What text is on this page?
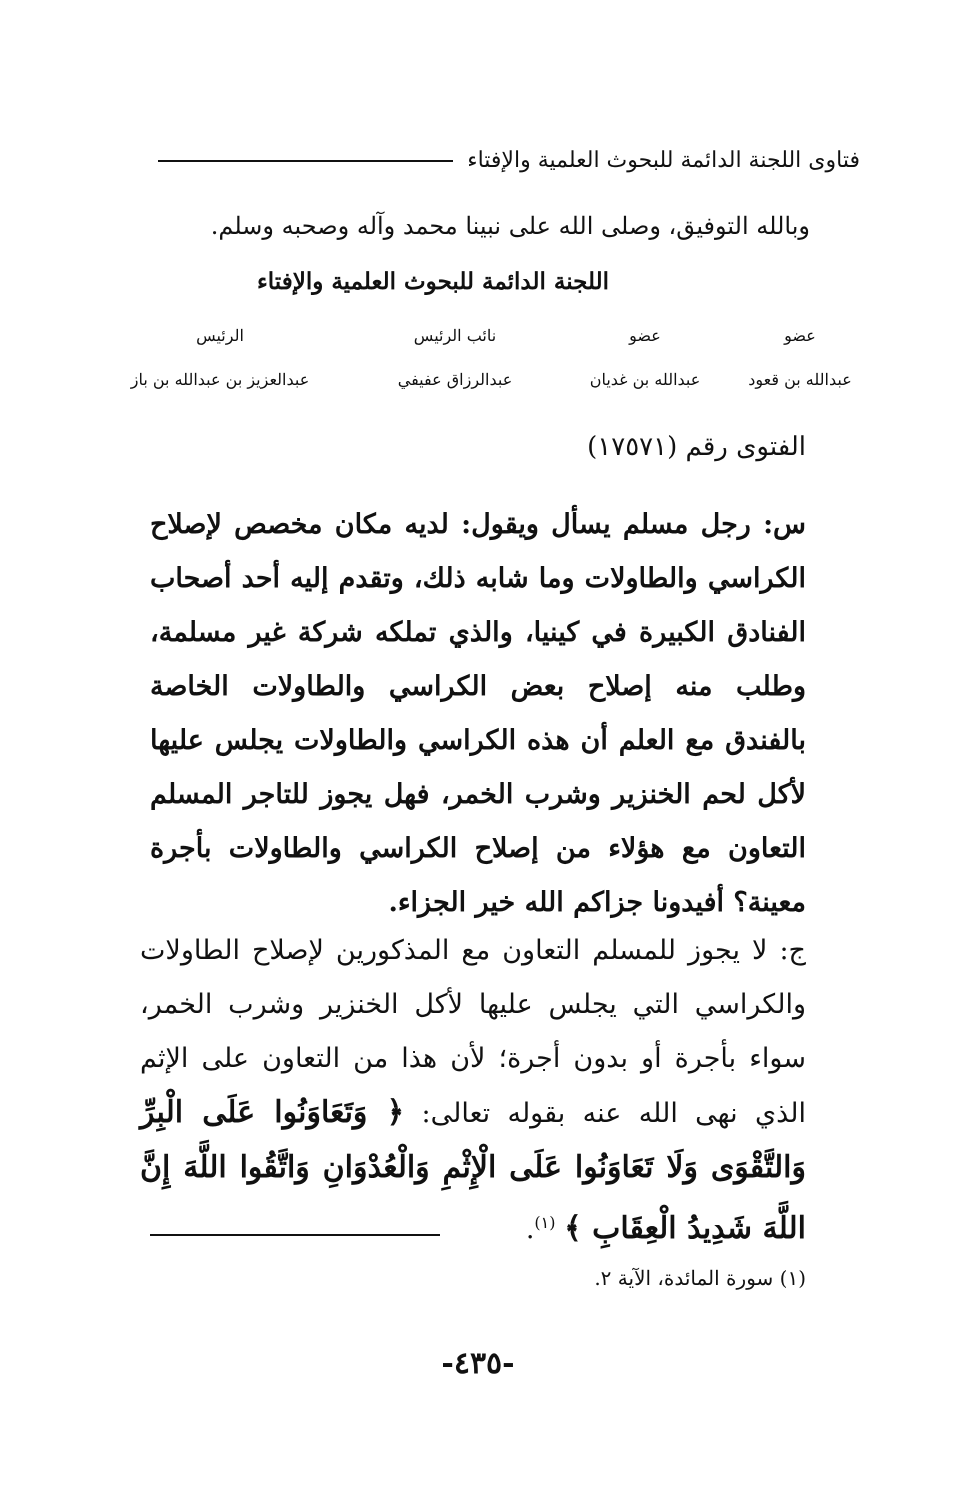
فتاوى اللجنة الدائمة للبحوث العلمية والإفتاء
وبالله التوفيق، وصلى الله على نبينا محمد وآله وصحبه وسلم.
اللجنة الدائمة للبحوث العلمية والإفتاء
عضو
عضو
نائب الرئيس
الرئيس
عبدالله بن قعود
عبدالله بن غديان
عبدالرزاق عفيفي
عبدالعزيز بن عبدالله بن باز
الفتوى رقم (١٧٥٧١)
س: رجل مسلم يسأل ويقول: لديه مكان مخصص لإصلاح الكراسي والطاولات وما شابه ذلك، وتقدم إليه أحد أصحاب الفنادق الكبيرة في كينيا، والذي تملكه شركة غير مسلمة، وطلب منه إصلاح بعض الكراسي والطاولات الخاصة بالفندق مع العلم أن هذه الكراسي والطاولات يجلس عليها لأكل لحم الخنزير وشرب الخمر، فهل يجوز للتاجر المسلم التعاون مع هؤلاء من إصلاح الكراسي والطاولات بأجرة معينة؟ أفيدونا جزاكم الله خير الجزاء.
ج: لا يجوز للمسلم التعاون مع المذكورين لإصلاح الطاولات والكراسي التي يجلس عليها لأكل الخنزير وشرب الخمر، سواء بأجرة أو بدون أجرة؛ لأن هذا من التعاون على الإثم الذي نهى الله عنه بقوله تعالى: ﴿ وَتَعَاوَنُوا عَلَى الْبِرِّ وَالتَّقْوَى وَلَا تَعَاوَنُوا عَلَى الْإِثْمِ وَالْعُدْوَانِ وَاتَّقُوا اللَّهَ إِنَّ اللَّهَ شَدِيدُ الْعِقَابِ ﴾ $^{(١)}$.
(١) سورة المائدة، الآية ٢.
-٤٣٥-
